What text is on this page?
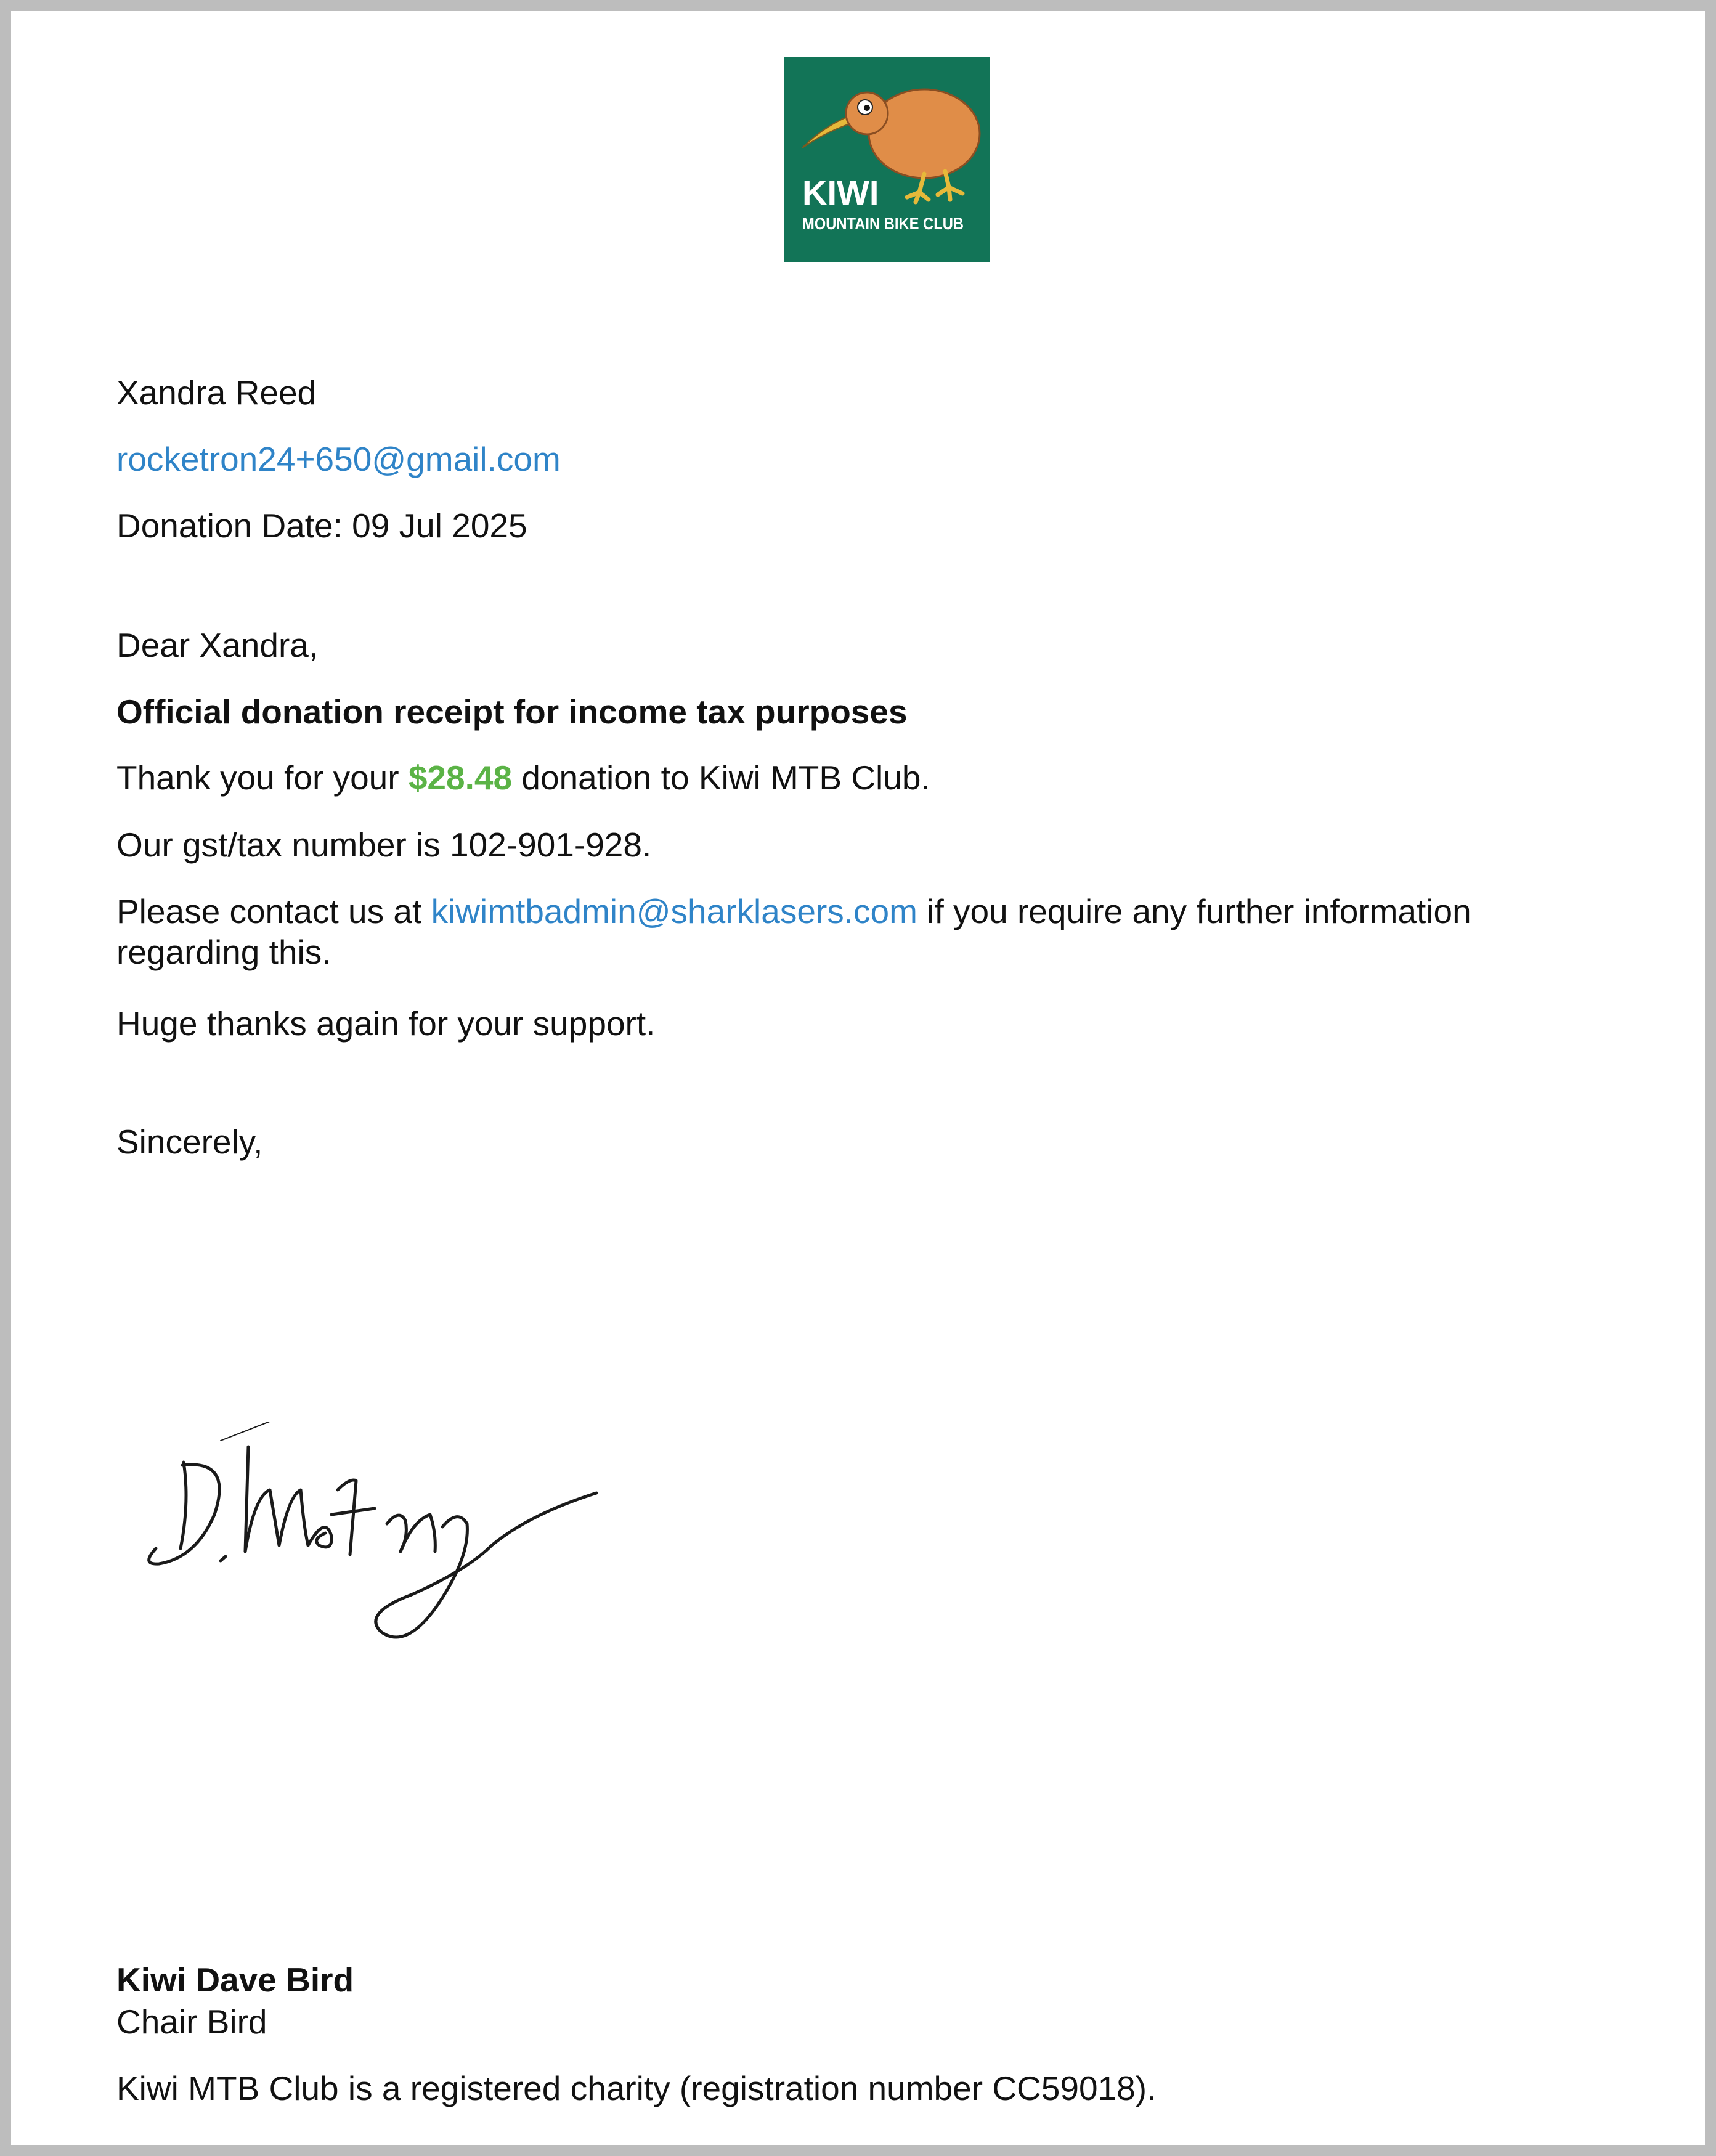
KIWI
MOUNTAIN BIKE CLUB
Xandra Reed
rocketron24+650@gmail.com
Donation Date: 09 Jul 2025
Dear Xandra,
Official donation receipt for income tax purposes
Thank you for your $28.48 donation to Kiwi MTB Club.
Our gst/tax number is 102-901-928.
Please contact us at kiwimtbadmin@sharklasers.com if you require any further information regarding this.
Huge thanks again for your support.
Sincerely,
Kiwi Dave Bird
Chair Bird
Kiwi MTB Club is a registered charity (registration number CC59018).
